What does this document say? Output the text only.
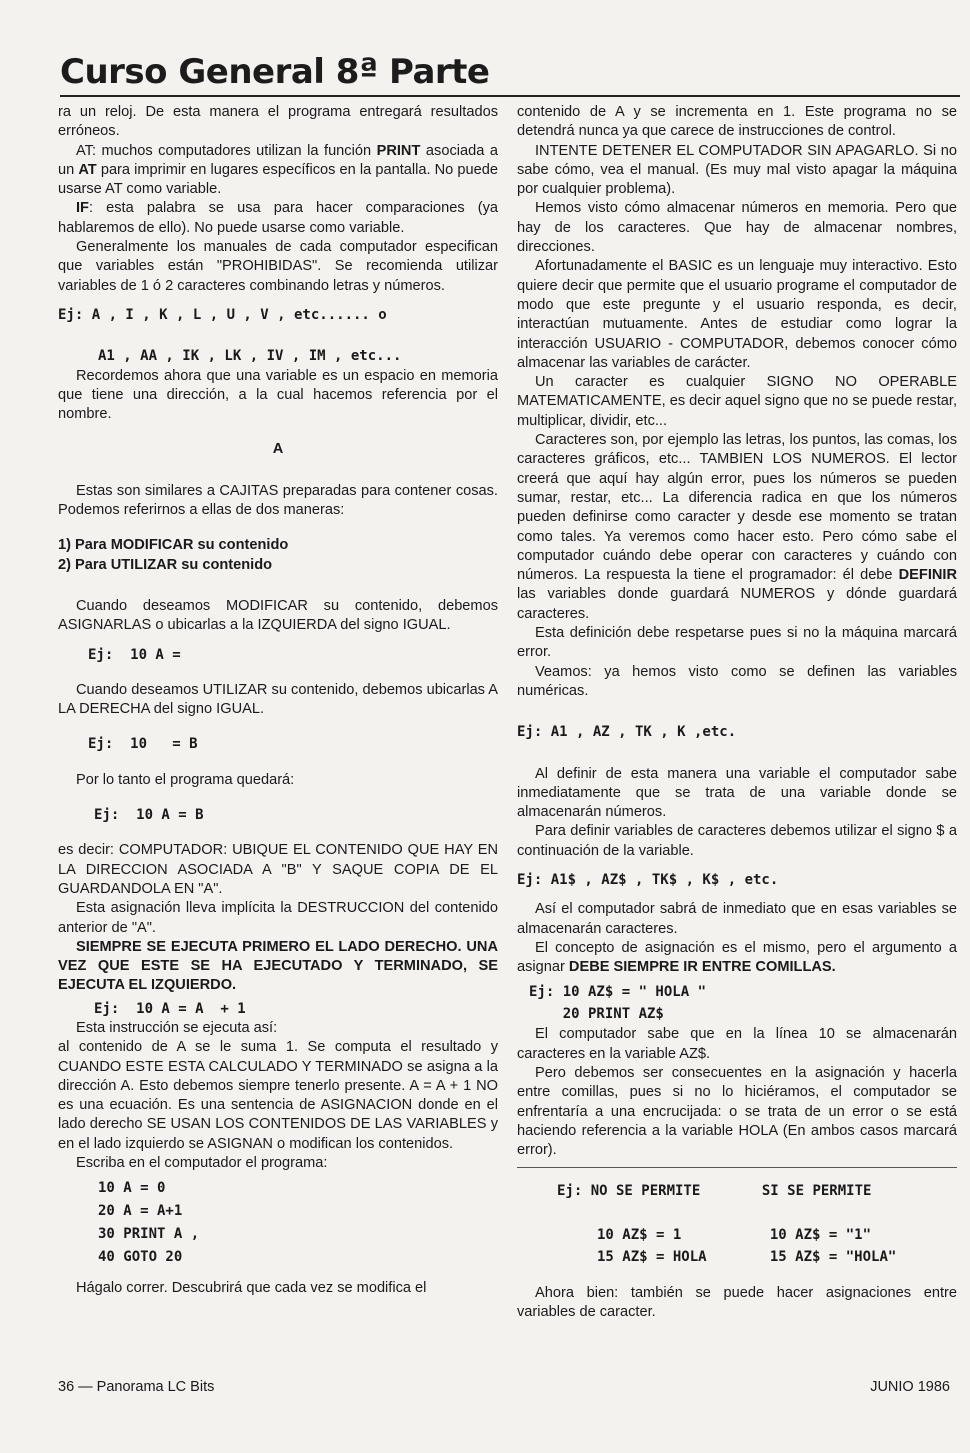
Curso General 8ª Parte

ra un reloj. De esta manera el programa entregará resultados erróneos.

AT: muchos computadores utilizan la función PRINT asociada a un AT para imprimir en lugares específicos en la pantalla. No puede usarse AT como variable.

IF: esta palabra se usa para hacer comparaciones (ya hablaremos de ello). No puede usarse como variable.

Generalmente los manuales de cada computador especifican que variables están "PROHIBIDAS". Se recomienda utilizar variables de 1 ó 2 caracteres combinando letras y números.

Ej: A , I , K , L , U , V , etc...... o

A1 , AA , IK , LK , IV , IM , etc...

Recordemos ahora que una variable es un espacio en memoria que tiene una dirección, a la cual hacemos referencia por el nombre.

A

Estas son similares a CAJITAS preparadas para contener cosas. Podemos referirnos a ellas de dos maneras:

1) Para MODIFICAR su contenido

2) Para UTILIZAR su contenido

Cuando deseamos MODIFICAR su contenido, debemos ASIGNARLAS o ubicarlas a la IZQUIERDA del signo IGUAL.

Ej:  10 A =

Cuando deseamos UTILIZAR su contenido, debemos ubicarlas A LA DERECHA del signo IGUAL.

Ej:  10   = B

Por lo tanto el programa quedará:

Ej:  10 A = B

es decir: COMPUTADOR: UBIQUE EL CONTENIDO QUE HAY EN LA DIRECCION ASOCIADA A "B" Y SAQUE COPIA DE EL GUARDANDOLA EN "A".

Esta asignación lleva implícita la DESTRUCCION del contenido anterior de "A".

SIEMPRE SE EJECUTA PRIMERO EL LADO DERECHO. UNA VEZ QUE ESTE SE HA EJECUTADO Y TERMINADO, SE EJECUTA EL IZQUIERDO.

Ej:  10 A = A  + 1

Esta instrucción se ejecuta así:

al contenido de A se le suma 1. Se computa el resultado y CUANDO ESTE ESTA CALCULADO Y TERMINADO se asigna a la dirección A. Esto debemos siempre tenerlo presente. A = A + 1 NO es una ecuación. Es una sentencia de ASIGNACION donde en el lado derecho SE USAN LOS CONTENIDOS DE LAS VARIABLES y en el lado izquierdo se ASIGNAN o modifican los contenidos.

Escriba en el computador el programa:

10 A = 0

20 A = A+1

30 PRINT A ,

40 GOTO 20

Hágalo correr. Descubrirá que cada vez se modifica el

contenido de A y se incrementa en 1. Este programa no se detendrá nunca ya que carece de instrucciones de control.

INTENTE DETENER EL COMPUTADOR SIN APAGARLO. Si no sabe cómo, vea el manual. (Es muy mal visto apagar la máquina por cualquier problema).

Hemos visto cómo almacenar números en memoria. Pero que hay de los caracteres. Que hay de almacenar nombres, direcciones.

Afortunadamente el BASIC es un lenguaje muy interactivo. Esto quiere decir que permite que el usuario programe el computador de modo que este pregunte y el usuario responda, es decir, interactúan mutuamente. Antes de estudiar como lograr la interacción USUARIO - COMPUTADOR, debemos conocer cómo almacenar las variables de carácter.

Un caracter es cualquier SIGNO NO OPERABLE MATEMATICAMENTE, es decir aquel signo que no se puede restar, multiplicar, dividir, etc...

Caracteres son, por ejemplo las letras, los puntos, las comas, los caracteres gráficos, etc... TAMBIEN LOS NUMEROS. El lector creerá que aquí hay algún error, pues los números se pueden sumar, restar, etc... La diferencia radica en que los números pueden definirse como caracter y desde ese momento se tratan como tales. Ya veremos como hacer esto. Pero cómo sabe el computador cuándo debe operar con caracteres y cuándo con números. La respuesta la tiene el programador: él debe DEFINIR las variables donde guardará NUMEROS y dónde guardará caracteres.

Esta definición debe respetarse pues si no la máquina marcará error.

Veamos: ya hemos visto como se definen las variables numéricas.

Ej: A1 , AZ , TK , K ,etc.

Al definir de esta manera una variable el computador sabe inmediatamente que se trata de una variable donde se almacenarán números.

Para definir variables de caracteres debemos utilizar el signo $ a continuación de la variable.

Ej: A1$ , AZ$ , TK$ , K$ , etc.

Así el computador sabrá de inmediato que en esas variables se almacenarán caracteres.

El concepto de asignación es el mismo, pero el argumento a asignar DEBE SIEMPRE IR ENTRE COMILLAS.

Ej: 10 AZ$ = " HOLA "

20 PRINT AZ$

El computador sabe que en la línea 10 se almacenarán caracteres en la variable AZ$.

Pero debemos ser consecuentes en la asignación y hacerla entre comillas, pues si no lo hiciéramos, el computador se enfrentaría a una encrucijada: o se trata de un error o se está haciendo referencia a la variable HOLA (En ambos casos marcará error).

Ej: NO SE PERMITE

10 AZ$ = 1

15 AZ$ = HOLA

SI SE PERMITE

10 AZ$ = "1"

15 AZ$ = "HOLA"

Ahora bien: también se puede hacer asignaciones entre variables de caracter.

36 — Panorama LC Bits	JUNIO 1986
